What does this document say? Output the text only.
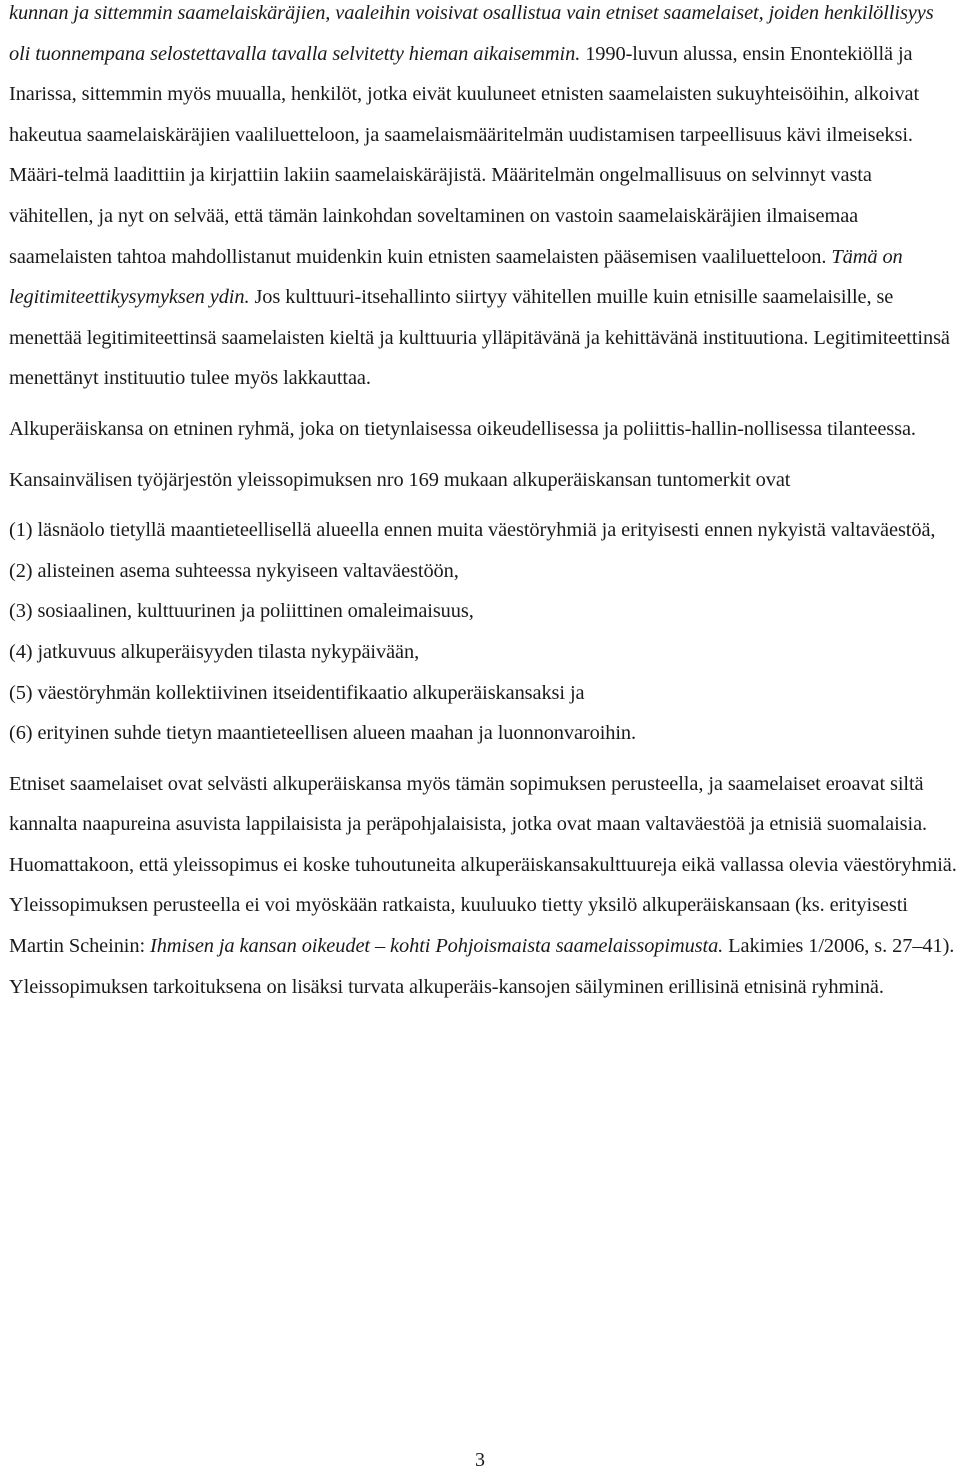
kunnan ja sittemmin saamelaiskäräjien, vaaleihin voisivat osallistua vain etniset saamelaiset, joiden henkilöllisyys oli tuonnempana selostettavalla tavalla selvitetty hieman aikaisemmin. 1990-luvun alussa, ensin Enontekiöllä ja Inarissa, sittemmin myös muualla, henkilöt, jotka eivät kuuluneet etnisten saamelaisten sukuyhteisöihin, alkoivat hakeutua saamelaiskäräjien vaaliluetteloon, ja saamelaismääritelmän uudistamisen tarpeellisuus kävi ilmeiseksi. Määri-telmä laadittiin ja kirjattiin lakiin saamelaiskäräjistä. Määritelmän ongelmallisuus on selvinnyt vasta vähitellen, ja nyt on selvää, että tämän lainkohdan soveltaminen on vastoin saamelaiskäräjien ilmaisemaa saamelaisten tahtoa mahdollistanut muidenkin kuin etnisten saamelaisten pääsemisen vaaliluetteloon. Tämä on legitimiteettikysymyksen ydin. Jos kulttuuri-itsehallinto siirtyy vähitellen muille kuin etnisille saamelaisille, se menettää legitimiteettinsä saamelaisten kieltä ja kulttuuria ylläpitävänä ja kehittävänä instituutiona. Legitimiteettinsä menettänyt instituutio tulee myös lakkauttaa.

Alkuperäiskansa on etninen ryhmä, joka on tietynlaisessa oikeudellisessa ja poliittis-hallin-nollisessa tilanteessa.

Kansainvälisen työjärjestön yleissopimuksen nro 169 mukaan alkuperäiskansan tuntomerkit ovat

(1) läsnäolo tietyllä maantieteellisellä alueella ennen muita väestöryhmiä ja erityisesti ennen nykyistä valtaväestöä,

(2) alisteinen asema suhteessa nykyiseen valtaväestöön,

(3) sosiaalinen, kulttuurinen ja poliittinen omaleimaisuus,

(4) jatkuvuus alkuperäisyyden tilasta nykypäivään,

(5) väestöryhmän kollektiivinen itseidentifikaatio alkuperäiskansaksi ja

(6) erityinen suhde tietyn maantieteellisen alueen maahan ja luonnonvaroihin.

Etniset saamelaiset ovat selvästi alkuperäiskansa myös tämän sopimuksen perusteella, ja saamelaiset eroavat siltä kannalta naapureina asuvista lappilaisista ja peräpohjalaisista, jotka ovat maan valtaväestöä ja etnisiä suomalaisia. Huomattakoon, että yleissopimus ei koske tuhoutuneita alkuperäiskansakulttuureja eikä vallassa olevia väestöryhmiä. Yleissopimuksen perusteella ei voi myöskään ratkaista, kuuluuko tietty yksilö alkuperäiskansaan (ks. erityisesti Martin Scheinin: Ihmisen ja kansan oikeudet – kohti Pohjoismaista saamelaissopimusta. Lakimies 1/2006, s. 27–41). Yleissopimuksen tarkoituksena on lisäksi turvata alkuperäis-kansojen säilyminen erillisinä etnisinä ryhminä.

3
